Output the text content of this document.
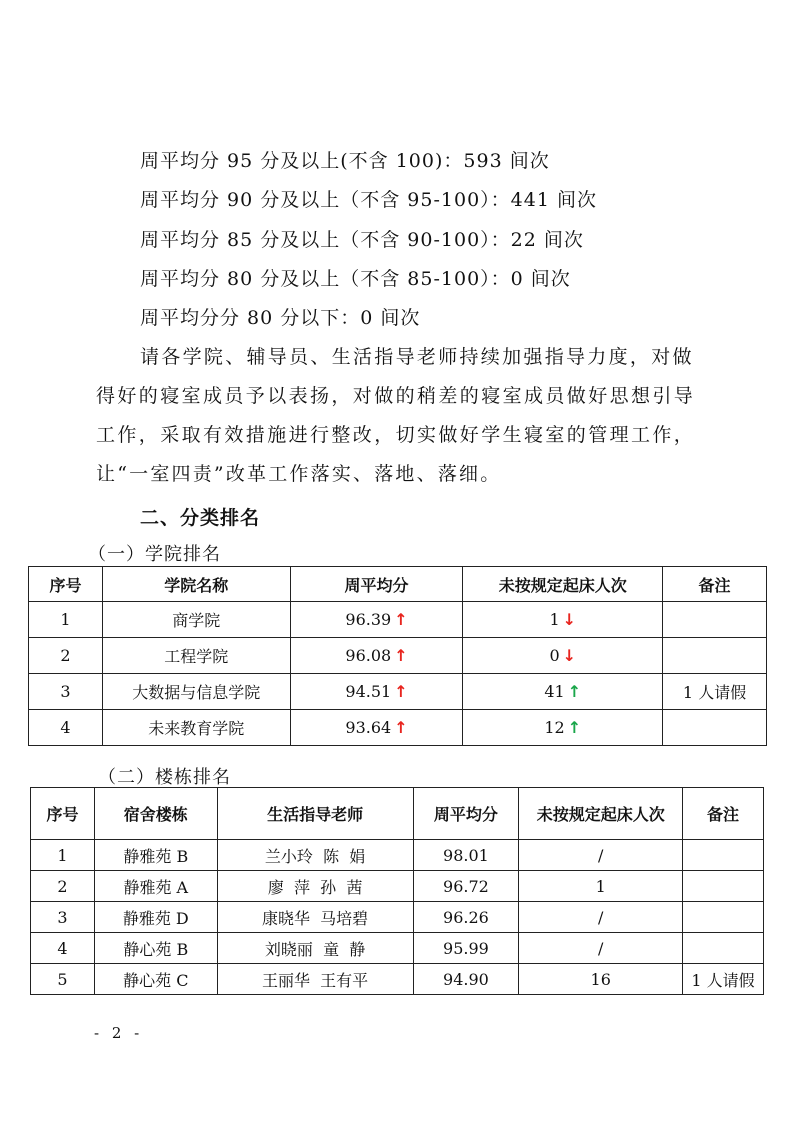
周平均分 95 分及以上(不含 100)：593 间次
周平均分 90 分及以上（不含 95-100）：441 间次
周平均分 85 分及以上（不含 90-100）：22 间次
周平均分 80 分及以上（不含 85-100）：0 间次
周平均分分 80 分以下：0 间次
请各学院、辅导员、生活指导老师持续加强指导力度，对做
得好的寝室成员予以表扬，对做的稍差的寝室成员做好思想引导
工作，采取有效措施进行整改，切实做好学生寝室的管理工作，
让“一室四责”改革工作落实、落地、落细。
二、分类排名
（一）学院排名
序号	学院名称	周平均分	未按规定起床人次	备注
1	商学院	96.39 ↑	1 ↓	
2	工程学院	96.08 ↑	0 ↓	
3	大数据与信息学院	94.51 ↑	41 ↑	1 人请假
4	未来教育学院	93.64 ↑	12 ↑	
（二）楼栋排名
序号	宿舍楼栋	生活指导老师	周平均分	未按规定起床人次	备注
1	静雅苑 B	兰小玲  陈  娟	98.01	/	
2	静雅苑 A	廖  萍  孙  茜	96.72	1	
3	静雅苑 D	康晓华  马培碧	96.26	/	
4	静心苑 B	刘晓丽  童  静	95.99	/	
5	静心苑 C	王丽华  王有平	94.90	16	1 人请假
- 2 -
